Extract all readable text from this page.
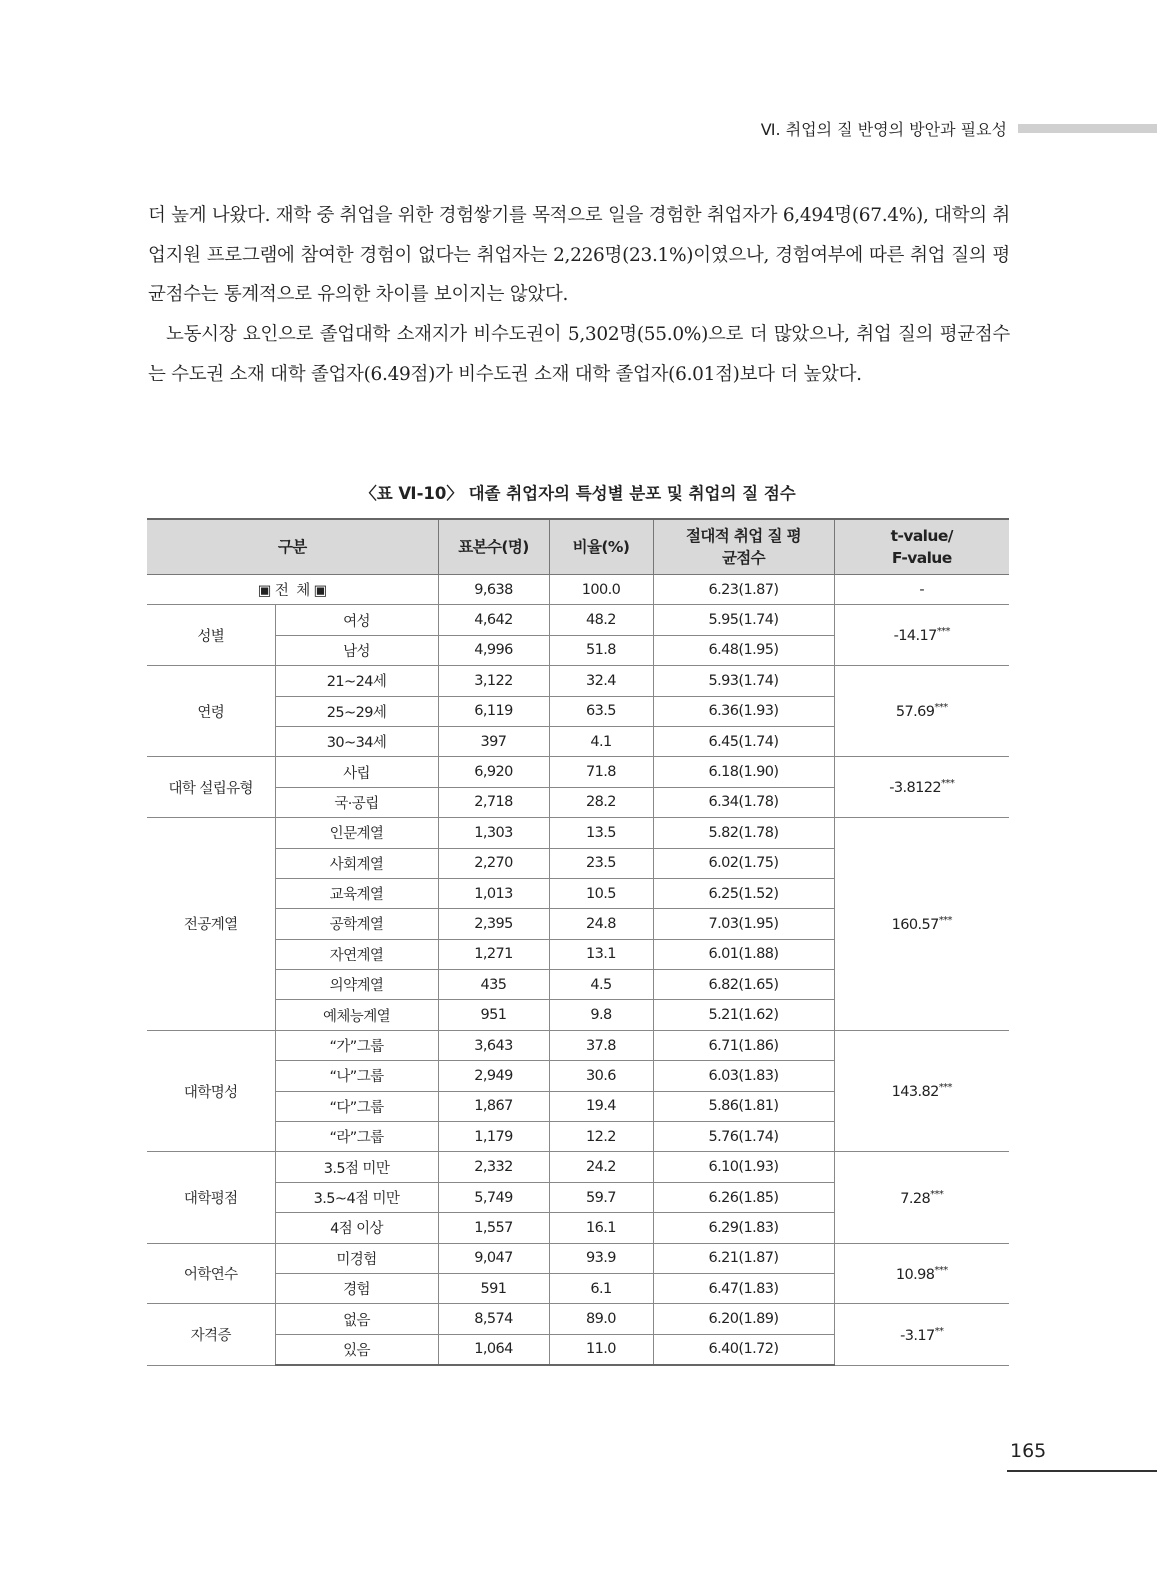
Ⅵ. 취업의 질 반영의 방안과 필요성

더 높게 나왔다. 재학 중 취업을 위한 경험쌓기를 목적으로 일을 경험한 취업자가 6,494명(67.4%), 대학의 취업지원 프로그램에 참여한 경험이 없다는 취업자는 2,226명(23.1%)이였으나, 경험여부에 따른 취업 질의 평균점수는 통계적으로 유의한 차이를 보이지는 않았다.

노동시장 요인으로 졸업대학 소재지가 비수도권이 5,302명(55.0%)으로 더 많았으나, 취업 질의 평균점수는 수도권 소재 대학 졸업자(6.49점)가 비수도권 소재 대학 졸업자(6.01점)보다 더 높았다.

〈표 Ⅵ-10〉 대졸 취업자의 특성별 분포 및 취업의 질 점수
구분		표본수(명)	비율(%)	절대적 취업 질 평균점수	t-value/ F-value
▣ 전  체 ▣		9,638	100.0	6.23(1.87)	-
성별	여성	4,642	48.2	5.95(1.74)	-14.17***
	남성	4,996	51.8	6.48(1.95)	
연령	21~24세	3,122	32.4	5.93(1.74)	57.69***
	25~29세	6,119	63.5	6.36(1.93)	
	30~34세	397	4.1	6.45(1.74)	
대학 설립유형	사립	6,920	71.8	6.18(1.90)	-3.8122***
	국·공립	2,718	28.2	6.34(1.78)	
전공계열	인문계열	1,303	13.5	5.82(1.78)	160.57***
	사회계열	2,270	23.5	6.02(1.75)	
	교육계열	1,013	10.5	6.25(1.52)	
	공학계열	2,395	24.8	7.03(1.95)	
	자연계열	1,271	13.1	6.01(1.88)	
	의약계열	435	4.5	6.82(1.65)	
	예체능계열	951	9.8	5.21(1.62)	
대학명성	“가”그룹	3,643	37.8	6.71(1.86)	143.82***
	“나”그룹	2,949	30.6	6.03(1.83)	
	“다”그룹	1,867	19.4	5.86(1.81)	
	“라”그룹	1,179	12.2	5.76(1.74)	
대학평점	3.5점 미만	2,332	24.2	6.10(1.93)	7.28***
	3.5~4점 미만	5,749	59.7	6.26(1.85)	
	4점 이상	1,557	16.1	6.29(1.83)	
어학연수	미경험	9,047	93.9	6.21(1.87)	10.98***
	경험	591	6.1	6.47(1.83)	
자격증	없음	8,574	89.0	6.20(1.89)	-3.17**
	있음	1,064	11.0	6.40(1.72)	
165
